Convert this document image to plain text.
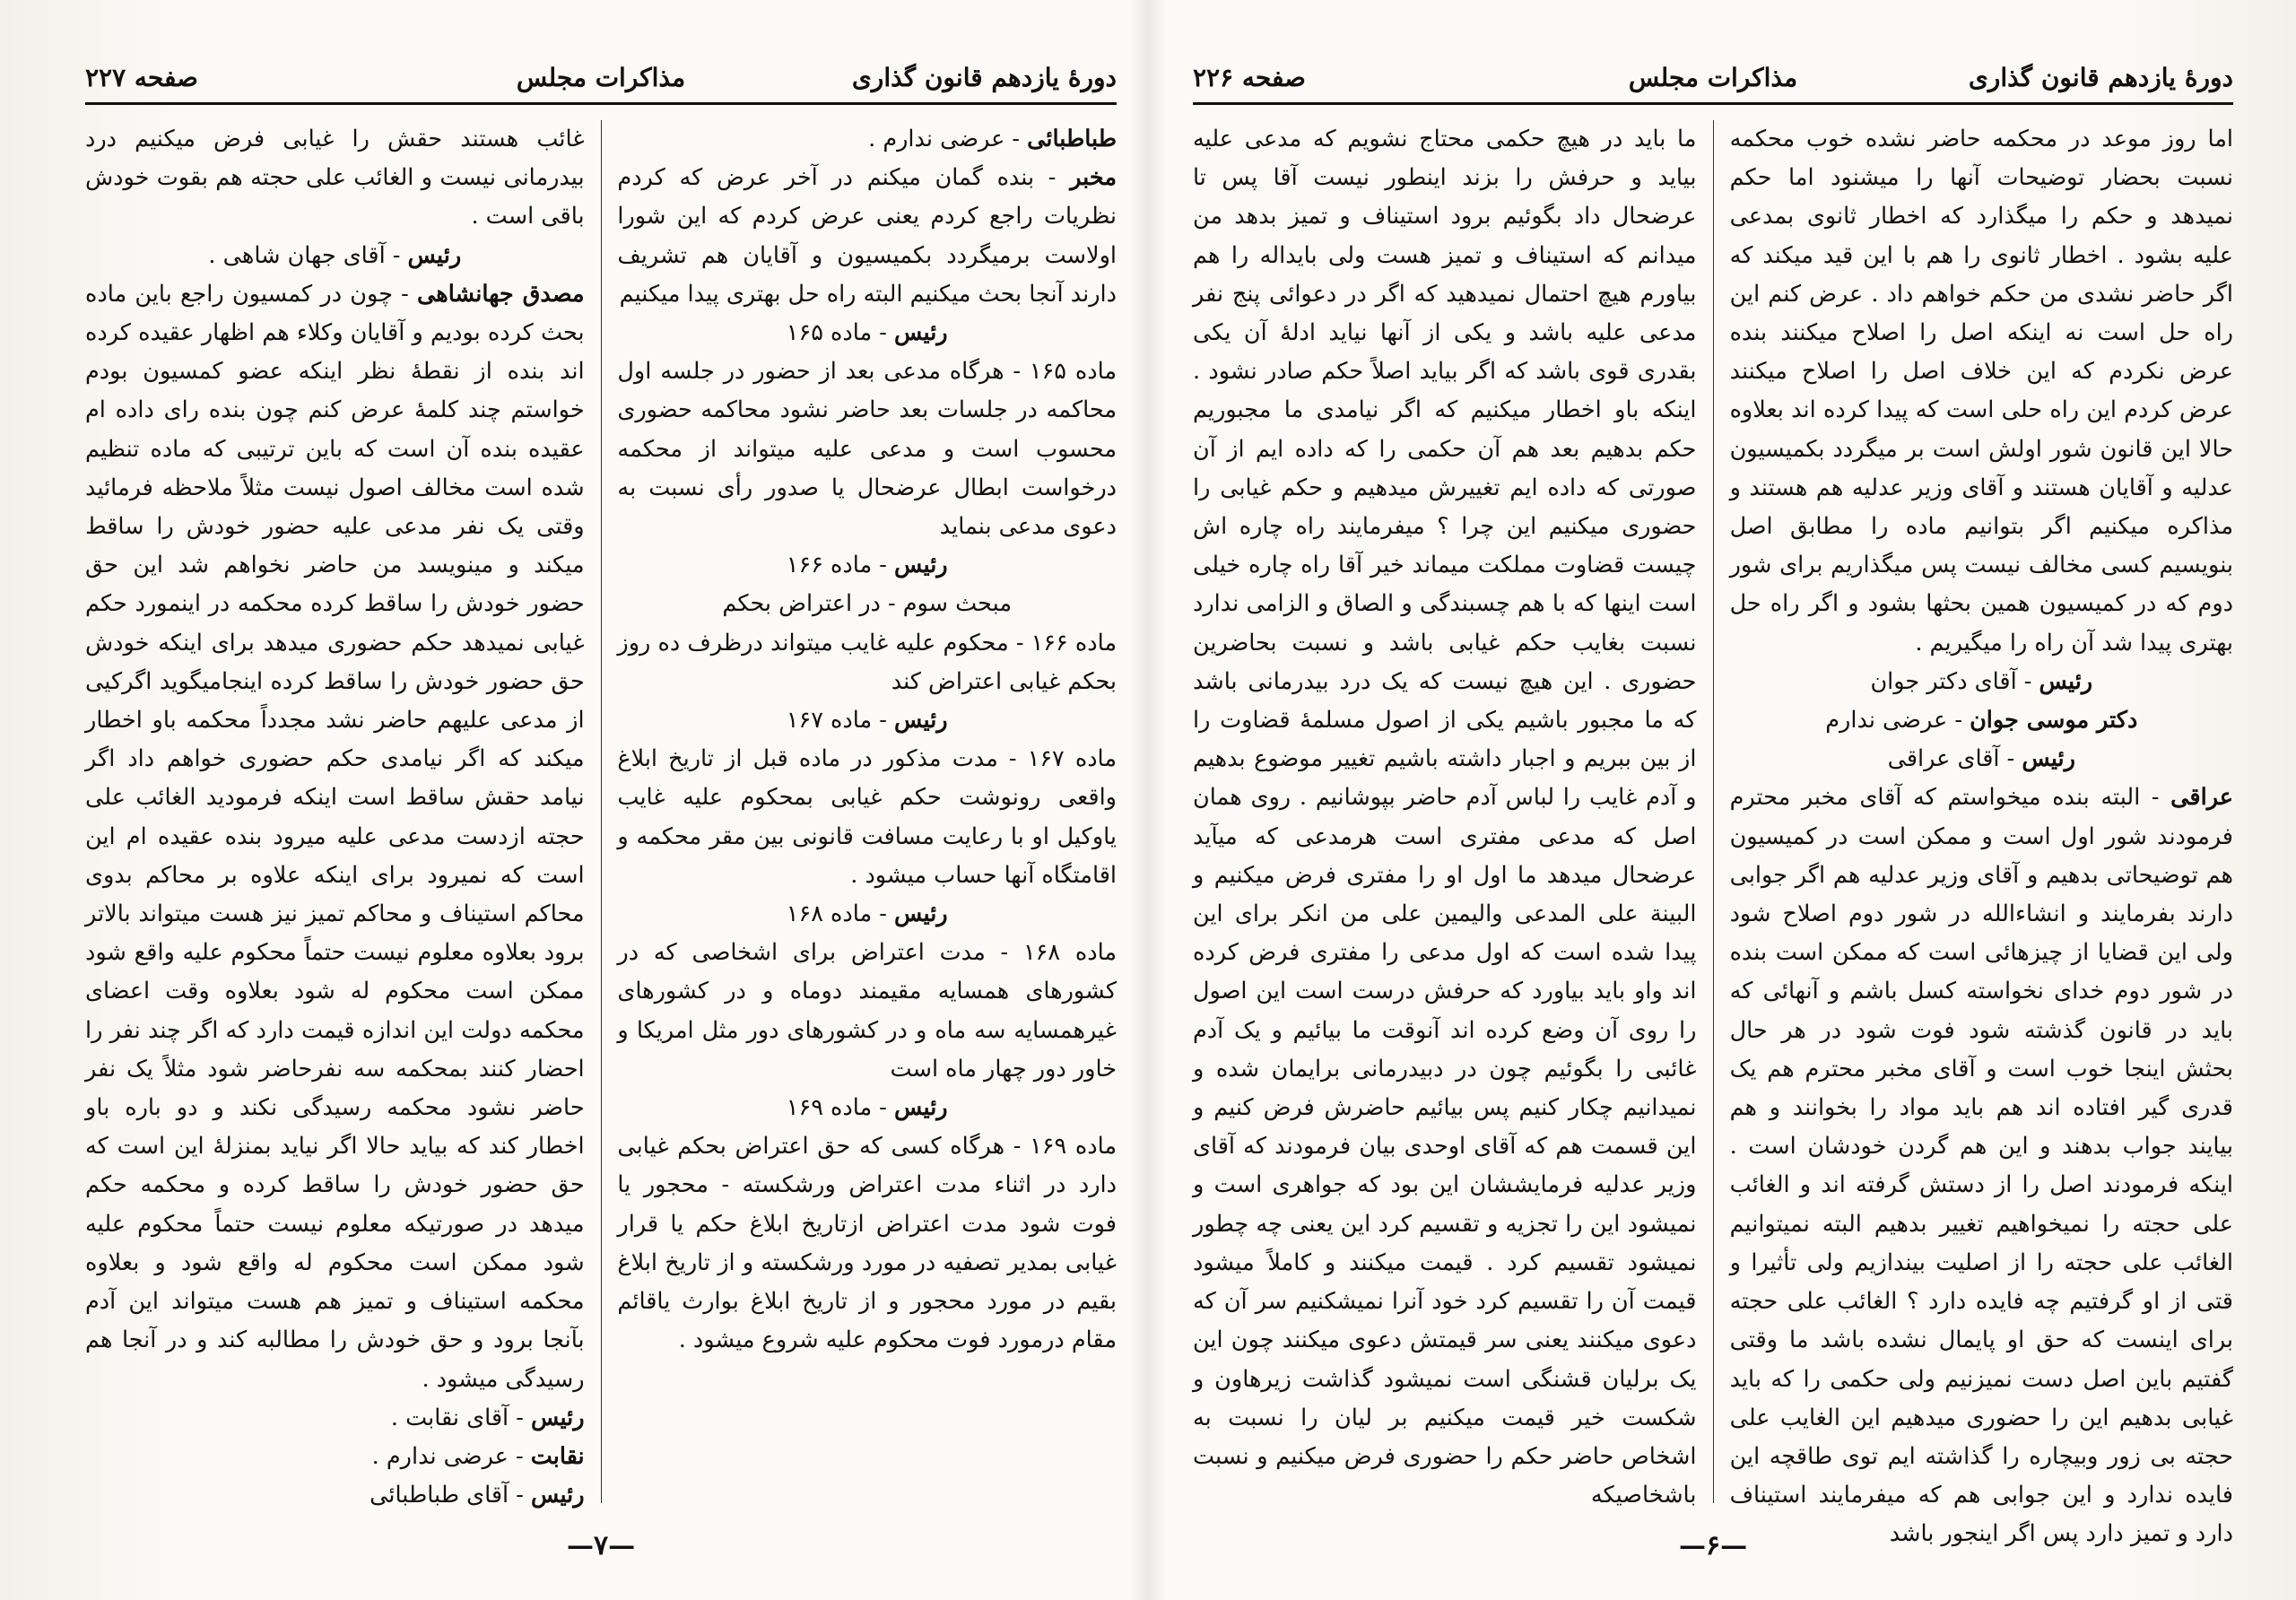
دورهٔ یازدهم قانون گذاری
مذاکرات مجلس
صفحه ۲۲۷

طباطبائی - عرضی ندارم .

مخبر - بنده گمان میکنم در آخر عرض که کردم نظریات راجع کردم یعنی عرض کردم که این شورا اولاست برمیگردد بکمیسیون و آقایان هم تشریف دارند آنجا بحث میکنیم البته راه حل بهتری پیدا میکنیم

رئیس - ماده ۱۶۵

ماده ۱۶۵ - هرگاه مدعی بعد از حضور در جلسه اول محاکمه در جلسات بعد حاضر نشود محاکمه حضوری محسوب است و مدعی علیه میتواند از محکمه درخواست ابطال عرضحال یا صدور رأی نسبت به دعوی مدعی بنماید

رئیس - ماده ۱۶۶

مبحث سوم - در اعتراض بحکم

ماده ۱۶۶ - محکوم علیه غایب میتواند درظرف ده روز بحکم غیابی اعتراض کند

رئیس - ماده ۱۶۷

ماده ۱۶۷ - مدت مذکور در ماده قبل از تاریخ ابلاغ واقعی رونوشت حکم غیابی بمحکوم علیه غایب یاوکیل او با رعایت مسافت قانونی بین مقر محکمه و اقامتگاه آنها حساب میشود .

رئیس - ماده ۱۶۸

ماده ۱۶۸ - مدت اعتراض برای اشخاصی که در کشورهای همسایه مقیمند دوماه و در کشورهای غیرهمسایه سه ماه و در کشورهای دور مثل امریکا و خاور دور چهار ماه است

رئیس - ماده ۱۶۹

ماده ۱۶۹ - هرگاه کسی که حق اعتراض بحکم غیابی دارد در اثناء مدت اعتراض ورشکسته - محجور یا فوت شود مدت اعتراض ازتاریخ ابلاغ حکم یا قرار غیابی بمدیر تصفیه در مورد ورشکسته و از تاریخ ابلاغ بقیم در مورد محجور و از تاریخ ابلاغ بوارث یاقائم مقام درمورد فوت محکوم علیه شروع میشود .

غائب هستند حقش را غیابی فرض میکنیم درد بیدرمانی نیست و الغائب علی حجته هم بقوت خودش باقی است .

رئیس - آقای جهان شاهی .

مصدق جهانشاهی - چون در کمسیون راجع باین ماده بحث کرده بودیم و آقایان وکلاء هم اظهار عقیده کرده اند بنده از نقطهٔ نظر اینکه عضو کمسیون بودم خواستم چند کلمهٔ عرض کنم چون بنده رای داده ام عقیده بنده آن است که باین ترتیبی که ماده تنظیم شده است مخالف اصول نیست مثلاً ملاحظه فرمائید وقتی یک نفر مدعی علیه حضور خودش را ساقط میکند و مینویسد من حاضر نخواهم شد این حق حضور خودش را ساقط کرده محکمه در اینمورد حکم غیابی نمیدهد حکم حضوری میدهد برای اینکه خودش حق حضور خودش را ساقط کرده اینجامیگوید اگرکیی از مدعی علیهم حاضر نشد مجدداً محکمه باو اخطار میکند که اگر نیامدی حکم حضوری خواهم داد اگر نیامد حقش ساقط است اینکه فرمودید الغائب علی حجته ازدست مدعی علیه میرود بنده عقیده ام این است که نمیرود برای اینکه علاوه بر محاکم بدوی محاکم استیناف و محاکم تمیز نیز هست میتواند بالاتر برود بعلاوه معلوم نیست حتماً محکوم علیه واقع شود ممکن است محکوم له شود بعلاوه وقت اعضای محکمه دولت این اندازه قیمت دارد که اگر چند نفر را احضار کنند بمحکمه سه نفرحاضر شود مثلاً یک نفر حاضر نشود محکمه رسیدگی نکند و دو باره باو اخطار کند که بیاید حالا اگر نیاید بمنزلهٔ این است که حق حضور خودش را ساقط کرده و محکمه حکم میدهد در صورتیکه معلوم نیست حتماً محکوم علیه شود ممکن است محکوم له واقع شود و بعلاوه محکمه استیناف و تمیز هم هست میتواند این آدم بآنجا برود و حق خودش را مطالبه کند و در آنجا هم رسیدگی میشود .

رئیس - آقای نقابت .

نقابت - عرضی ندارم .

رئیس - آقای طباطبائی

—۷—
دورهٔ یازدهم قانون گذاری
مذاکرات مجلس
صفحه ۲۲۶

اما روز موعد در محکمه حاضر نشده خوب محکمه نسبت بحضار توضیحات آنها را میشنود اما حکم نمیدهد و حکم را میگذارد که اخطار ثانوی بمدعی علیه بشود . اخطار ثانوی را هم با این قید میکند که اگر حاضر نشدی من حکم خواهم داد . عرض کنم این راه حل است نه اینکه اصل را اصلاح میکنند بنده عرض نکردم که این خلاف اصل را اصلاح میکنند عرض کردم این راه حلی است که پیدا کرده اند بعلاوه حالا این قانون شور اولش است بر میگردد بکمیسیون عدلیه و آقایان هستند و آقای وزیر عدلیه هم هستند و مذاکره میکنیم اگر بتوانیم ماده را مطابق اصل بنویسیم کسی مخالف نیست پس میگذاریم برای شور دوم که در کمیسیون همین بحثها بشود و اگر راه حل بهتری پیدا شد آن راه را میگیریم .

رئیس - آقای دکتر جوان

دکتر موسی جوان - عرضی ندارم

رئیس - آقای عراقی

عراقی - البته بنده میخواستم که آقای مخبر محترم فرمودند شور اول است و ممکن است در کمیسیون هم توضیحاتی بدهیم و آقای وزیر عدلیه هم اگر جوابی دارند بفرمایند و انشاءالله در شور دوم اصلاح شود ولی این قضایا از چیزهائی است که ممکن است بنده در شور دوم خدای نخواسته کسل باشم و آنهائی که باید در قانون گذشته شود فوت شود در هر حال بحثش اینجا خوب است و آقای مخبر محترم هم یک قدری گیر افتاده اند هم باید مواد را بخوانند و هم بیایند جواب بدهند و این هم گردن خودشان است . اینکه فرمودند اصل را از دستش گرفته اند و الغائب علی حجته را نمیخواهیم تغییر بدهیم البته نمیتوانیم الغائب علی حجته را از اصلیت بیندازیم ولی تأثیرا و قتی از او گرفتیم چه فایده دارد ؟ الغائب علی حجته برای اینست که حق او پایمال نشده باشد ما وقتی گفتیم باین اصل دست نمیزنیم ولی حکمی را که باید غیابی بدهیم این را حضوری میدهیم این الغایب علی حجته بی زور وبیچاره را گذاشته ایم توی طاقچه این فایده ندارد و این جوابی هم که میفرمایند استیناف دارد و تمیز دارد پس اگر اینجور باشد

ما باید در هیچ حکمی محتاج نشویم که مدعی علیه بیاید و حرفش را بزند اینطور نیست آقا پس تا عرضحال داد بگوئیم برود استیناف و تمیز بدهد من میدانم که استیناف و تمیز هست ولی بایداله را هم بیاورم هیچ احتمال نمیدهید که اگر در دعوائی پنج نفر مدعی علیه باشد و یکی از آنها نیاید ادلهٔ آن یکی بقدری قوی باشد که اگر بیاید اصلاً حکم صادر نشود . اینکه باو اخطار میکنیم که اگر نیامدی ما مجبوریم حکم بدهیم بعد هم آن حکمی را که داده ایم از آن صورتی که داده ایم تغییرش میدهیم و حکم غیابی را حضوری میکنیم این چرا ؟ میفرمایند راه چاره اش چیست قضاوت مملکت میماند خیر آقا راه چاره خیلی است اینها که با هم چسبندگی و الصاق و الزامی ندارد نسبت بغایب حکم غیابی باشد و نسبت بحاضرین حضوری . این هیچ نیست که یک درد بیدرمانی باشد که ما مجبور باشیم یکی از اصول مسلمهٔ قضاوت را از بین ببریم و اجبار داشته باشیم تغییر موضوع بدهیم و آدم غایب را لباس آدم حاضر بپوشانیم . روی همان اصل که مدعی مفتری است هرمدعی که میآید عرضحال میدهد ما اول او را مفتری فرض میکنیم و البینة علی المدعی والیمین علی من انکر برای این پیدا شده است که اول مدعی را مفتری فرض کرده اند واو باید بیاورد که حرفش درست است این اصول را روی آن وضع کرده اند آنوقت ما بیائیم و یک آدم غائبی را بگوئیم چون در دبیدرمانی برایمان شده و نمیدانیم چکار کنیم پس بیائیم حاضرش فرض کنیم و این قسمت هم که آقای اوحدی بیان فرمودند که آقای وزیر عدلیه فرمایششان این بود که جواهری است و نمیشود این را تجزیه و تقسیم کرد این یعنی چه چطور نمیشود تقسیم کرد . قیمت میکنند و کاملاً میشود قیمت آن را تقسیم کرد خود آنرا نمیشکنیم سر آن که دعوی میکنند یعنی سر قیمتش دعوی میکنند چون این یک برلیان قشنگی است نمیشود گذاشت زیرهاون و شکست خیر قیمت میکنیم بر لیان را نسبت به اشخاص حاضر حکم را حضوری فرض میکنیم و نسبت باشخاصیکه

—۶—
